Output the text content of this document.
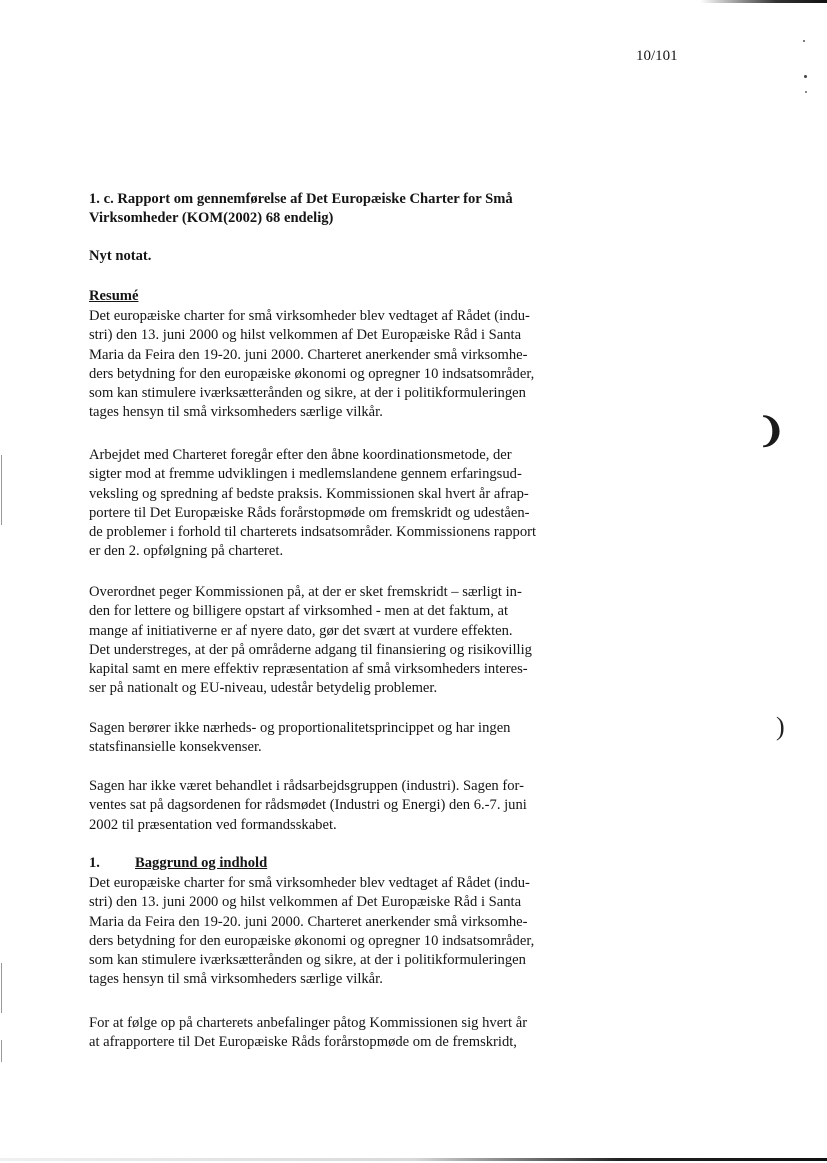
10/101
1. c. Rapport om gennemførelse af Det Europæiske Charter for Små
Virksomheder (KOM(2002) 68 endelig)
Nyt notat.
Resumé
Det europæiske charter for små virksomheder blev vedtaget af Rådet (indu-
stri) den 13. juni 2000 og hilst velkommen af Det Europæiske Råd i Santa
Maria da Feira den 19-20. juni 2000. Charteret anerkender små virksomhe-
ders betydning for den europæiske økonomi og opregner 10 indsatsområder,
som kan stimulere iværksætterånden og sikre, at der i politikformuleringen
tages hensyn til små virksomheders særlige vilkår.
Arbejdet med Charteret foregår efter den åbne koordinationsmetode, der
sigter mod at fremme udviklingen i medlemslandene gennem erfaringsud-
veksling og spredning af bedste praksis. Kommissionen skal hvert år afrap-
portere til Det Europæiske Råds forårstopmøde om fremskridt og udeståen-
de problemer i forhold til charterets indsatsområder. Kommissionens rapport
er den 2. opfølgning på charteret.
Overordnet peger Kommissionen på, at der er sket fremskridt – særligt in-
den for lettere og billigere opstart af virksomhed - men at det faktum, at
mange af initiativerne er af nyere dato, gør det svært at vurdere effekten.
Det understreges, at der på områderne adgang til finansiering og risikovillig
kapital samt en mere effektiv repræsentation af små virksomheders interes-
ser på nationalt og EU-niveau, udestår betydelig problemer.
Sagen berører ikke nærheds- og proportionalitetsprincippet og har ingen
statsfinansielle konsekvenser.
Sagen har ikke været behandlet i rådsarbejdsgruppen (industri). Sagen for-
ventes sat på dagsordenen for rådsmødet (Industri og Energi) den 6.-7. juni
2002 til præsentation ved formandsskabet.
1. Baggrund og indhold
Det europæiske charter for små virksomheder blev vedtaget af Rådet (indu-
stri) den 13. juni 2000 og hilst velkommen af Det Europæiske Råd i Santa
Maria da Feira den 19-20. juni 2000. Charteret anerkender små virksomhe-
ders betydning for den europæiske økonomi og opregner 10 indsatsområder,
som kan stimulere iværksætterånden og sikre, at der i politikformuleringen
tages hensyn til små virksomheders særlige vilkår.
For at følge op på charterets anbefalinger påtog Kommissionen sig hvert år
at afrapportere til Det Europæiske Råds forårstopmøde om de fremskridt,
❩
)
